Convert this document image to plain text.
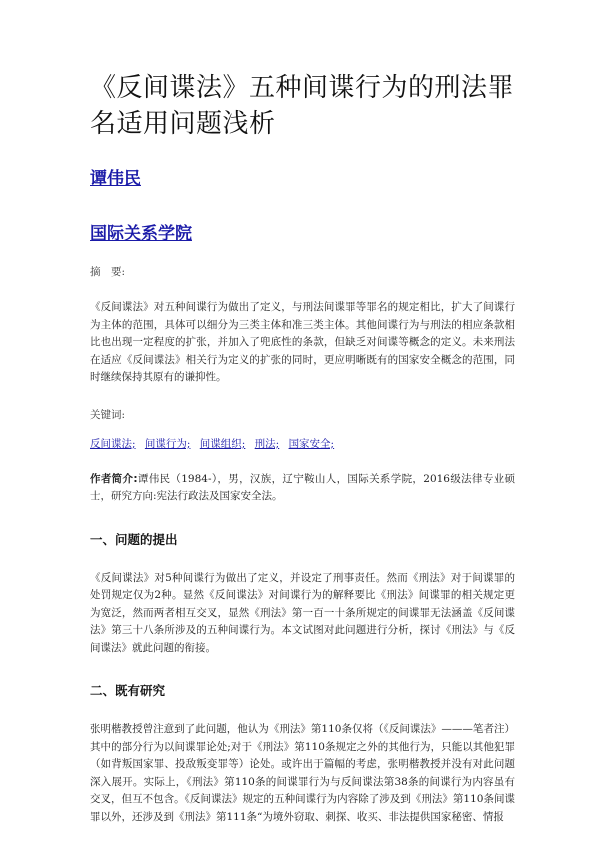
《反间谍法》五种间谍行为的刑法罪名适用问题浅析
谭伟民
国际关系学院
摘　要:

《反间谍法》对五种间谍行为做出了定义，与刑法间谍罪等罪名的规定相比，扩大了间谍行为主体的范围，具体可以细分为三类主体和准三类主体。其他间谍行为与刑法的相应条款相比也出现一定程度的扩张，并加入了兜底性的条款，但缺乏对间谍等概念的定义。未来刑法在适应《反间谍法》相关行为定义的扩张的同时，更应明晰既有的国家安全概念的范围，同时继续保持其原有的谦抑性。

关键词:
反间谍法; 间谍行为; 间谍组织; 刑法; 国家安全;

作者简介:谭伟民（1984-），男，汉族，辽宁鞍山人，国际关系学院，2016级法律专业硕士，研究方向:宪法行政法及国家安全法。

一、问题的提出

《反间谍法》对5种间谍行为做出了定义，并设定了刑事责任。然而《刑法》对于间谍罪的处罚规定仅为2种。显然《反间谍法》对间谍行为的解释要比《刑法》间谍罪的相关规定更为宽泛，然而两者相互交叉，显然《刑法》第一百一十条所规定的间谍罪无法涵盖《反间谍法》第三十八条所涉及的五种间谍行为。本文试图对此问题进行分析，探讨《刑法》与《反间谍法》就此问题的衔接。

二、既有研究

张明楷教授曾注意到了此问题，他认为《刑法》第110条仅将（《反间谍法》———笔者注）其中的部分行为以间谍罪论处;对于《刑法》第110条规定之外的其他行为，只能以其他犯罪（如背叛国家罪、投敌叛变罪等）论处。或许出于篇幅的考虑，张明楷教授并没有对此问题深入展开。实际上，《刑法》第110条的间谍罪行为与反间谍法第38条的间谍行为内容虽有交叉，但互不包含。《反间谍法》规定的五种间谍行为内容除了涉及到《刑法》第110条间谍罪以外，还涉及到《刑法》第111条“为境外窃取、刺探、收买、非法提供国家秘密、情报
